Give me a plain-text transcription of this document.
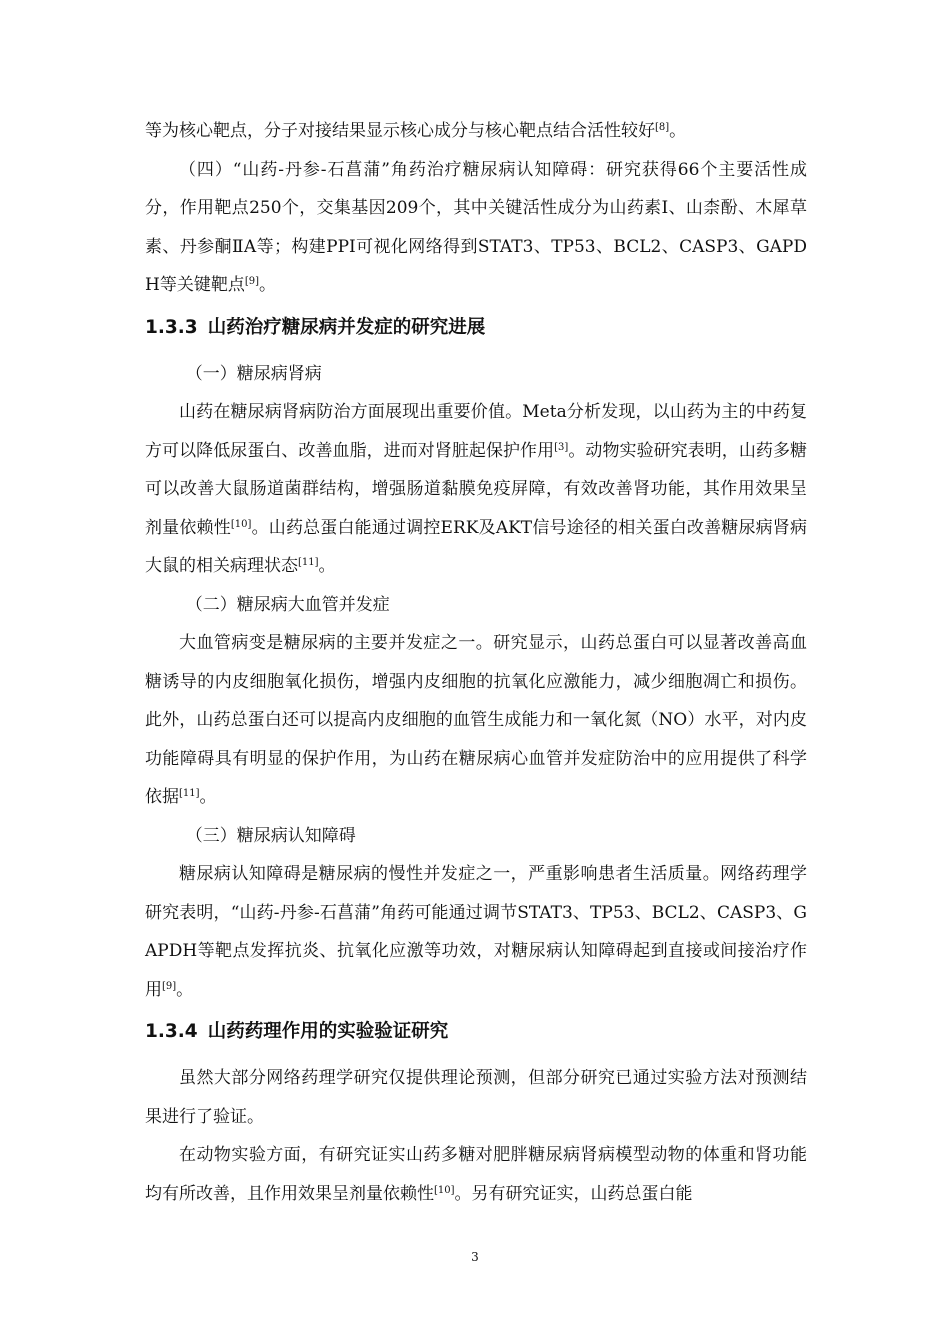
等为核心靶点，分子对接结果显示核心成分与核心靶点结合活性较好[8]。

（四）“山药-丹参-石菖蒲”角药治疗糖尿病认知障碍：研究获得66个主要活性成分，作用靶点250个，交集基因209个，其中关键活性成分为山药素Ⅰ、山柰酚、木犀草素、丹参酮ⅡA等；构建PPI可视化网络得到STAT3、TP53、BCL2、CASP3、GAPDH等关键靶点[9]。

1.3.3 山药治疗糖尿病并发症的研究进展

（一）糖尿病肾病

山药在糖尿病肾病防治方面展现出重要价值。Meta分析发现，以山药为主的中药复方可以降低尿蛋白、改善血脂，进而对肾脏起保护作用[3]。动物实验研究表明，山药多糖可以改善大鼠肠道菌群结构，增强肠道黏膜免疫屏障，有效改善肾功能，其作用效果呈剂量依赖性[10]。山药总蛋白能通过调控ERK及AKT信号途径的相关蛋白改善糖尿病肾病大鼠的相关病理状态[11]。

（二）糖尿病大血管并发症

大血管病变是糖尿病的主要并发症之一。研究显示，山药总蛋白可以显著改善高血糖诱导的内皮细胞氧化损伤，增强内皮细胞的抗氧化应激能力，减少细胞凋亡和损伤。此外，山药总蛋白还可以提高内皮细胞的血管生成能力和一氧化氮（NO）水平，对内皮功能障碍具有明显的保护作用，为山药在糖尿病心血管并发症防治中的应用提供了科学依据[11]。

（三）糖尿病认知障碍

糖尿病认知障碍是糖尿病的慢性并发症之一，严重影响患者生活质量。网络药理学研究表明，“山药-丹参-石菖蒲”角药可能通过调节STAT3、TP53、BCL2、CASP3、GAPDH等靶点发挥抗炎、抗氧化应激等功效，对糖尿病认知障碍起到直接或间接治疗作用[9]。

1.3.4 山药药理作用的实验验证研究

虽然大部分网络药理学研究仅提供理论预测，但部分研究已通过实验方法对预测结果进行了验证。

在动物实验方面，有研究证实山药多糖对肥胖糖尿病肾病模型动物的体重和肾功能均有所改善，且作用效果呈剂量依赖性[10]。另有研究证实，山药总蛋白能

3
